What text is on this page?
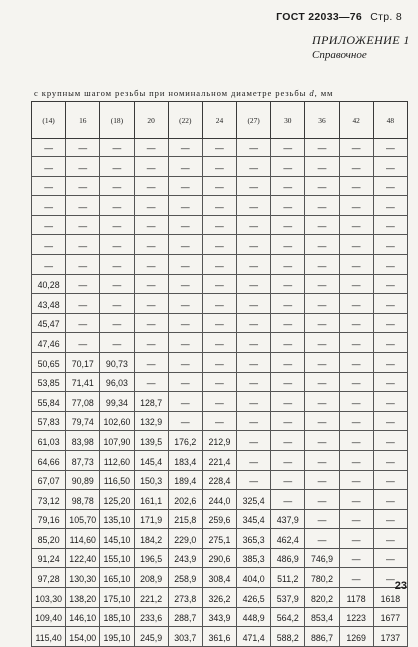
ГОСТ 22033—76 Стр. 8
ПРИЛОЖЕНИЕ 1
Справочное
с крупным шагом резьбы при номинальном диаметре резьбы d, мм
(14)	16	(18)	20	(22)	24	(27)	30	36	42	48
—	—	—	—	—	—	—	—	—	—	—
—	—	—	—	—	—	—	—	—	—	—
—	—	—	—	—	—	—	—	—	—	—
—	—	—	—	—	—	—	—	—	—	—
—	—	—	—	—	—	—	—	—	—	—
—	—	—	—	—	—	—	—	—	—	—
—	—	—	—	—	—	—	—	—	—	—
40,28	—	—	—	—	—	—	—	—	—	—
43,48	—	—	—	—	—	—	—	—	—	—
45,47	—	—	—	—	—	—	—	—	—	—
47,46	—	—	—	—	—	—	—	—	—	—
50,65	70,17	90,73	—	—	—	—	—	—	—	—
53,85	71,41	96,03	—	—	—	—	—	—	—	—
55,84	77,08	99,34	128,7	—	—	—	—	—	—	—
57,83	79,74	102,60	132,9	—	—	—	—	—	—	—
61,03	83,98	107,90	139,5	176,2	212,9	—	—	—	—	—
64,66	87,73	112,60	145,4	183,4	221,4	—	—	—	—	—
67,07	90,89	116,50	150,3	189,4	228,4	—	—	—	—	—
73,12	98,78	125,20	161,1	202,6	244,0	325,4	—	—	—	—
79,16	105,70	135,10	171,9	215,8	259,6	345,4	437,9	—	—	—
85,20	114,60	145,10	184,2	229,0	275,1	365,3	462,4	—	—	—
91,24	122,40	155,10	196,5	243,9	290,6	385,3	486,9	746,9	—	—
97,28	130,30	165,10	208,9	258,9	308,4	404,0	511,2	780,2	—	—
103,30	138,20	175,10	221,2	273,8	326,2	426,5	537,9	820,2	1178	1618
109,40	146,10	185,10	233,6	288,7	343,9	448,9	564,2	853,4	1223	1677
115,40	154,00	195,10	245,9	303,7	361,6	471,4	588,2	886,7	1269	1737
23
